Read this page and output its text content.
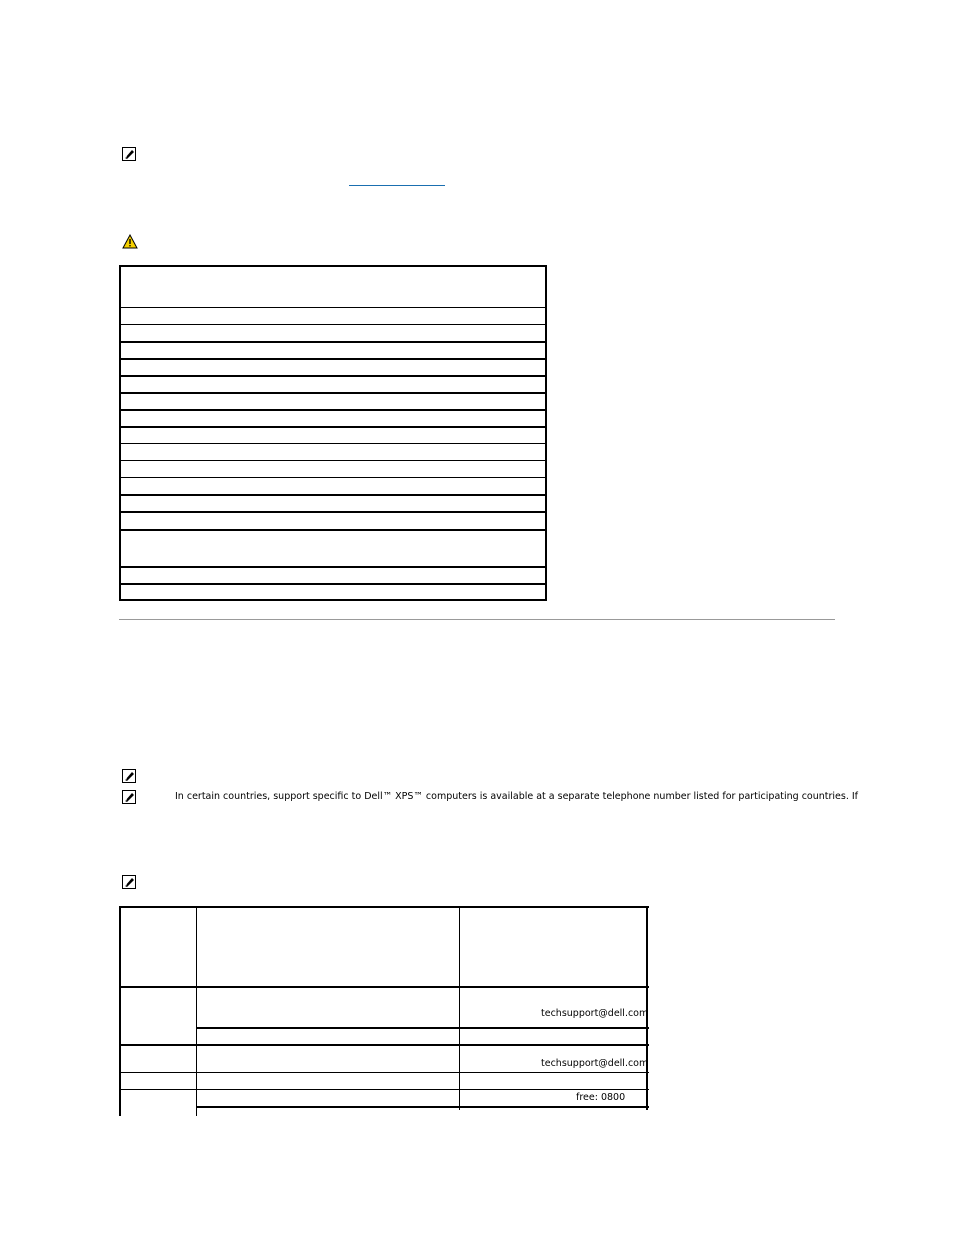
In certain countries, support specific to Dell™ XPS™ computers is available at a separate telephone number listed for participating countries. If
techsupport@dell.com
techsupport@dell.com
free: 0800
